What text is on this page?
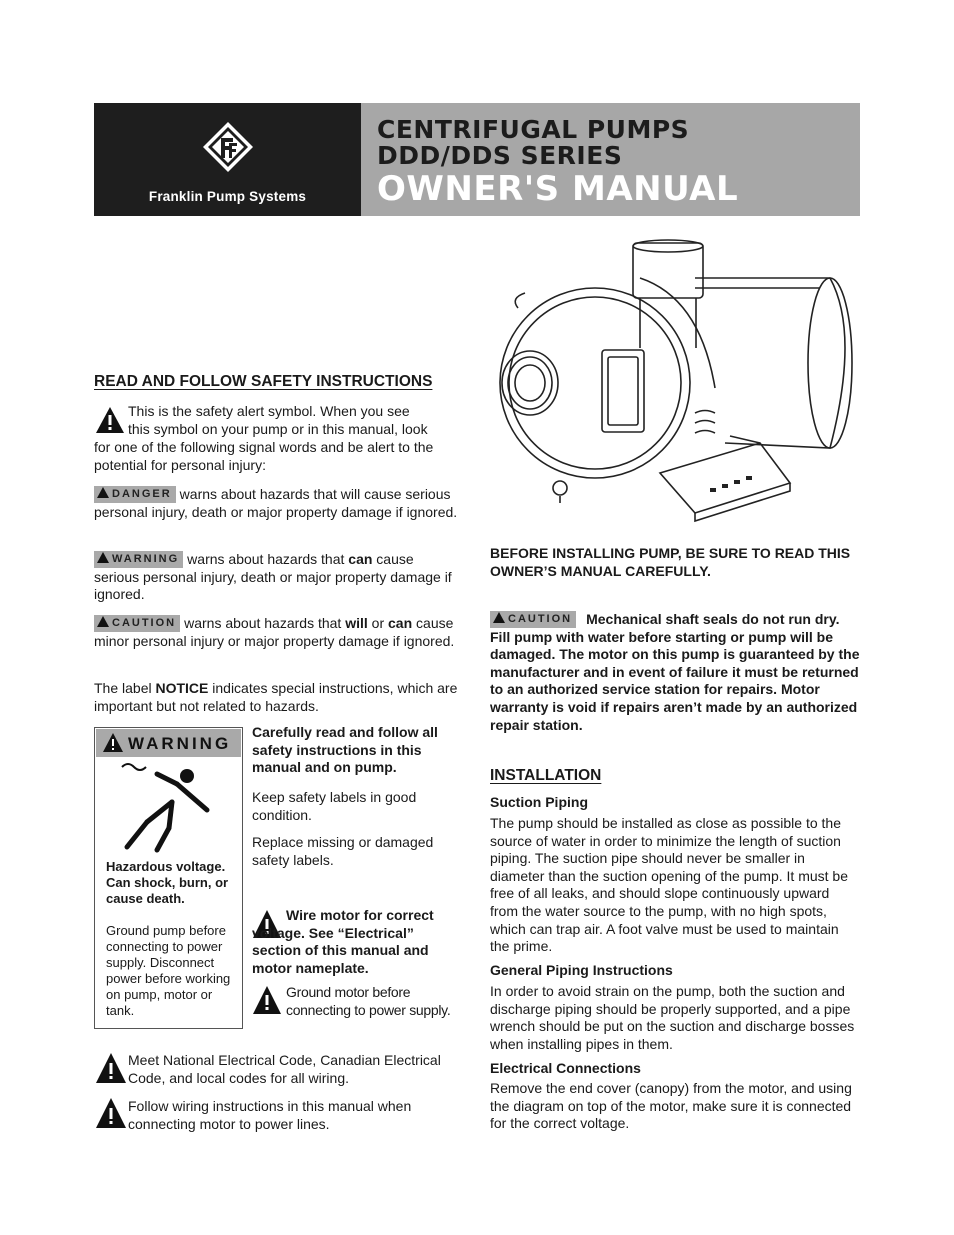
Franklin Pump Systems
CENTRIFUGAL PUMPS
DDD/DDS SERIES
OWNER'S MANUAL
READ AND FOLLOW SAFETY INSTRUCTIONS
This is the safety alert symbol. When you see
this symbol on your pump or in this manual, look
for one of the following signal words and be alert to the potential for personal injury:
DANGER warns about hazards that will cause serious personal injury, death or major property damage if ignored.
WARNING warns about hazards that can cause serious personal injury, death or major property damage if ignored.
CAUTION warns about hazards that will or can cause minor personal injury or major property damage if ignored.
The label NOTICE indicates special instructions, which are important but not related to hazards.
WARNING
Hazardous voltage. Can shock, burn, or cause death.
Ground pump before connecting to power supply. Disconnect power before working on pump, motor or tank.
Carefully read and follow all safety instructions in this manual and on pump.
Keep safety labels in good condition.
Replace missing or damaged safety labels.
Wire motor for correct voltage. See “Electrical” section of this manual and motor nameplate.
Ground motor before connecting to power supply.
Meet National Electrical Code, Canadian Electrical Code, and local codes for all wiring.
Follow wiring instructions in this manual when connecting motor to power lines.
BEFORE INSTALLING PUMP, BE SURE TO READ THIS OWNER’S MANUAL CAREFULLY.
CAUTION Mechanical shaft seals do not run dry. Fill pump with water before starting or pump will be damaged. The motor on this pump is guaranteed by the manufacturer and in event of failure it must be returned to an authorized service station for repairs. Motor warranty is void if repairs aren’t made by an authorized repair station.
INSTALLATION
Suction Piping
The pump should be installed as close as possible to the source of water in order to minimize the length of suction piping. The suction pipe should never be smaller in diameter than the suction opening of the pump. It must be free of all leaks, and should slope continuously upward from the water source to the pump, with no high spots, which can trap air. A foot valve must be used to maintain the prime.
General Piping Instructions
In order to avoid strain on the pump, both the suction and discharge piping should be properly supported, and a pipe wrench should be put on the suction and discharge bosses when installing pipes in them.
Electrical Connections
Remove the end cover (canopy) from the motor, and using the diagram on top of the motor, make sure it is connected for the correct voltage.
